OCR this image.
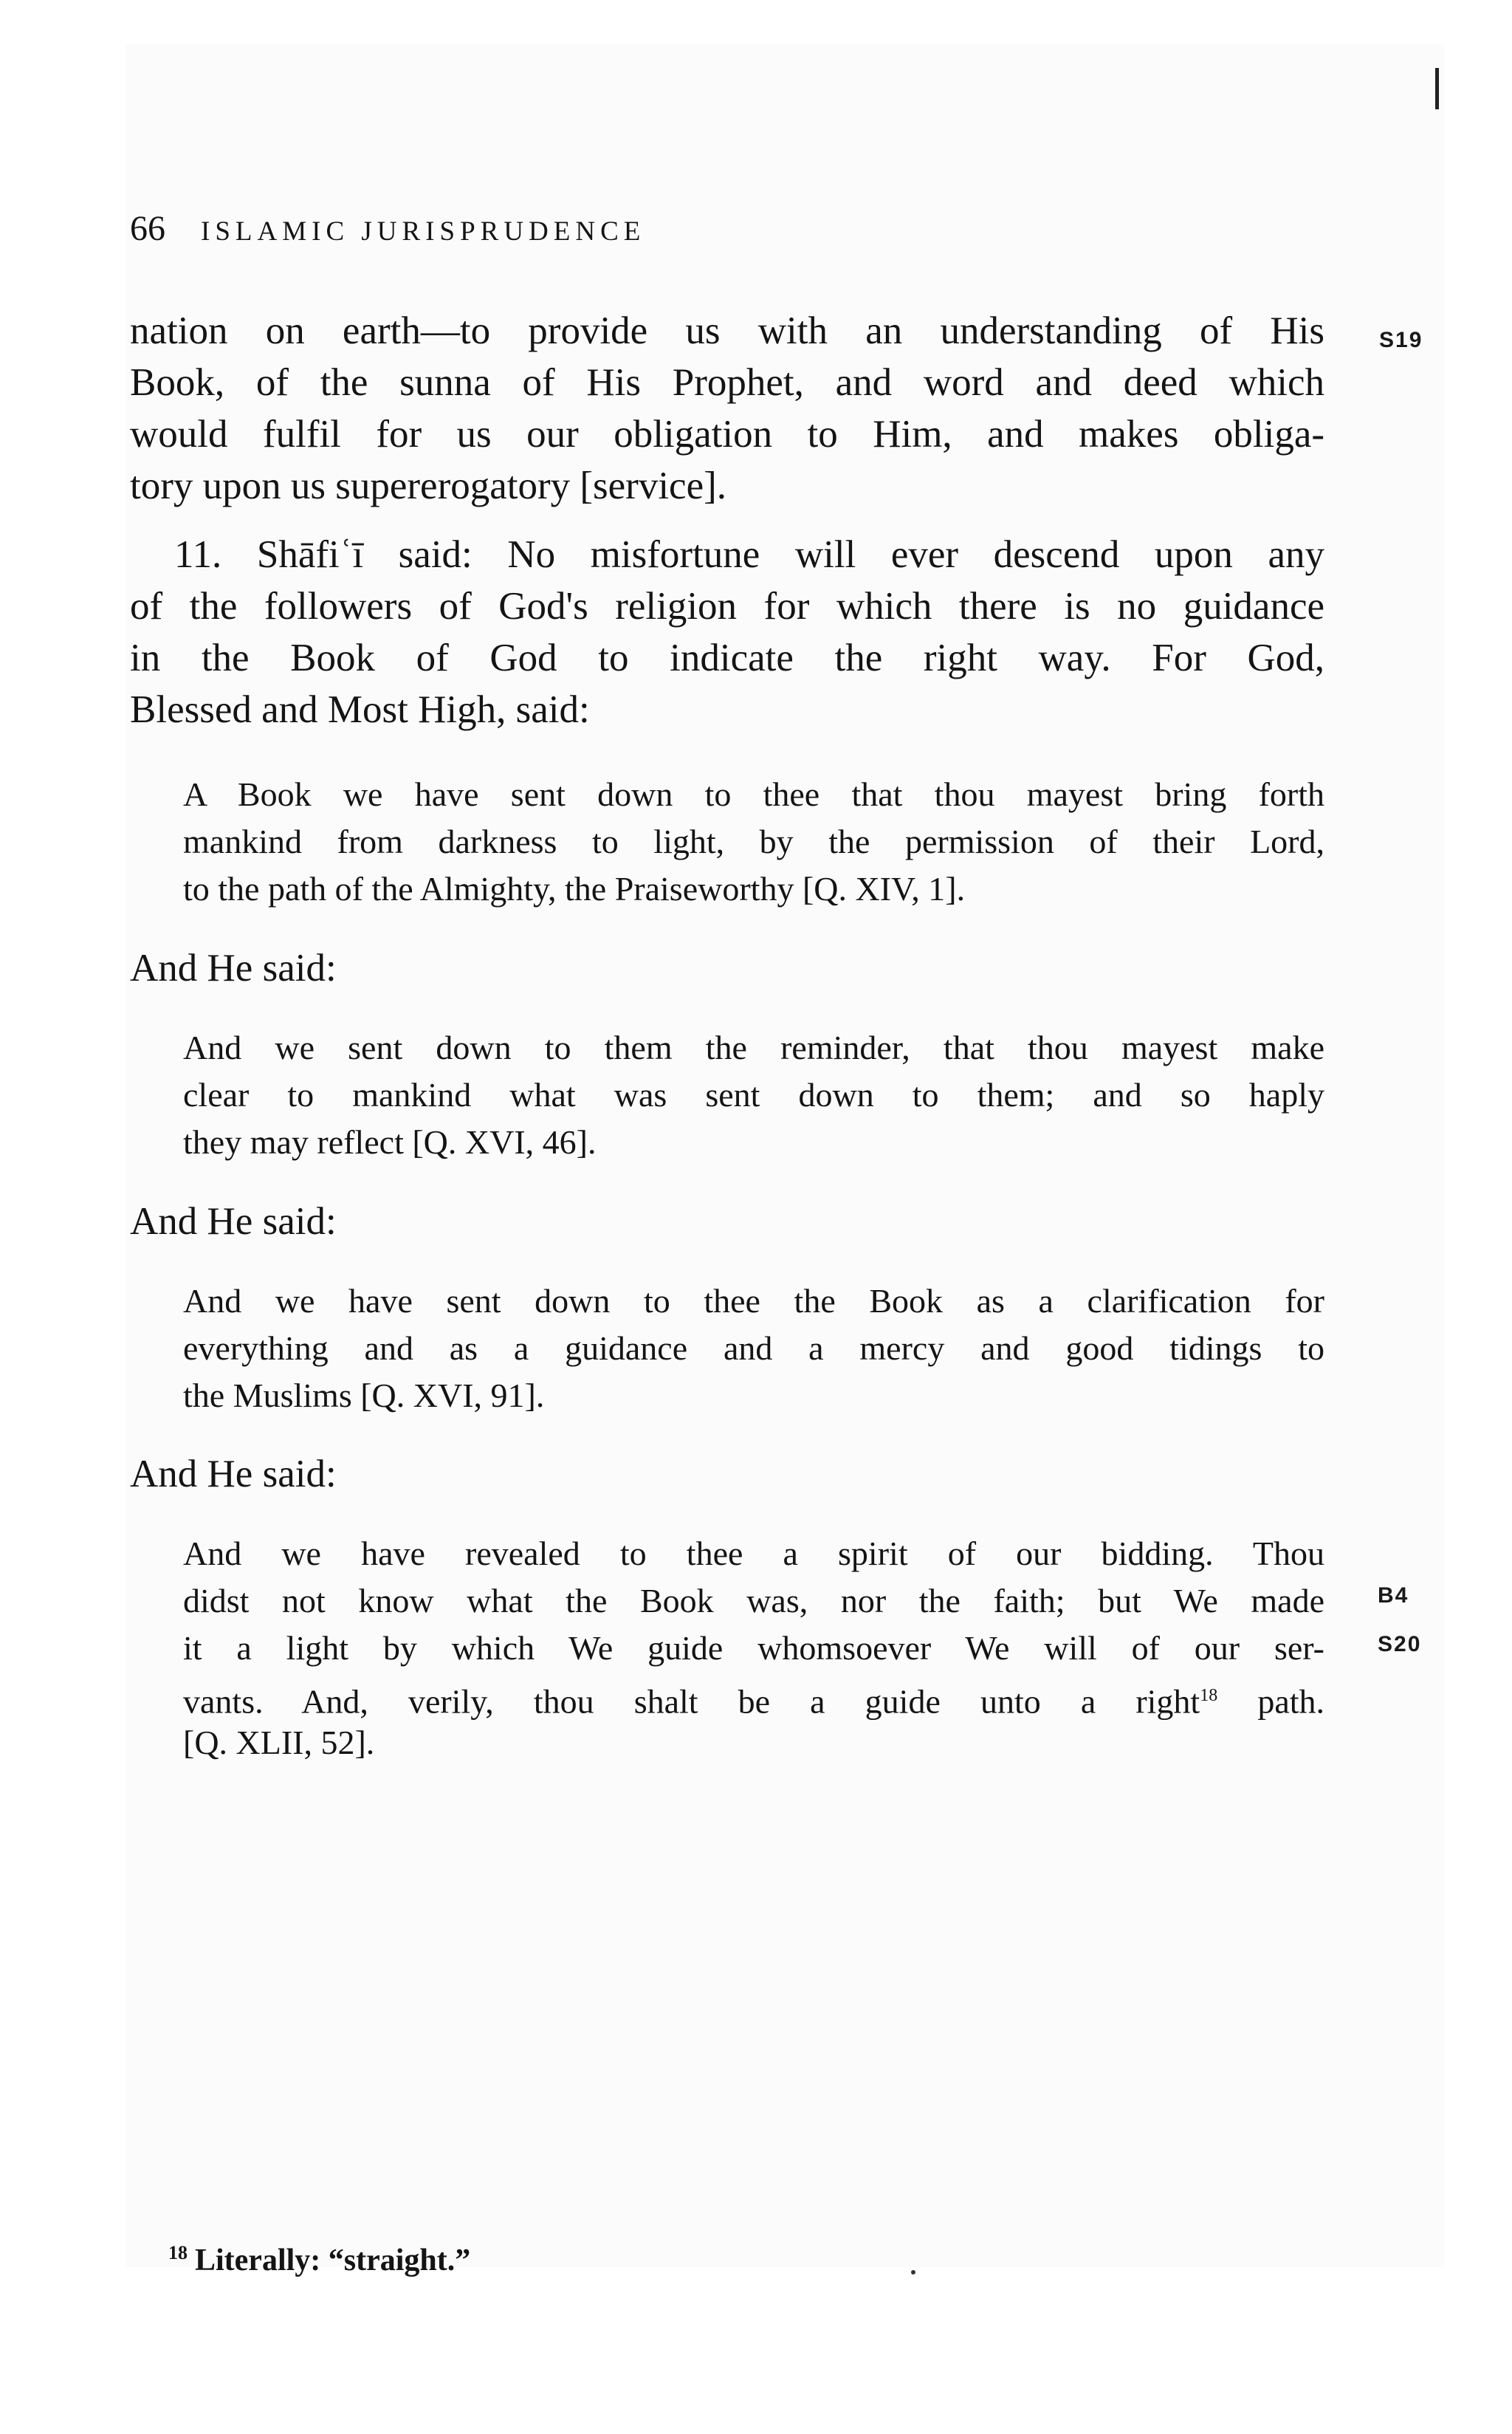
66 ISLAMIC JURISPRUDENCE
nation on earth—to provide us with an understanding of His
Book, of the sunna of His Prophet, and word and deed which
would fulfil for us our obligation to Him, and makes obliga-
tory upon us supererogatory [service].
11. Shāfiʿī said: No misfortune will ever descend upon any
of the followers of God's religion for which there is no guidance
in the Book of God to indicate the right way. For God,
Blessed and Most High, said:
A Book we have sent down to thee that thou mayest bring forth
mankind from darkness to light, by the permission of their Lord,
to the path of the Almighty, the Praiseworthy [Q. XIV, 1].
And He said:
And we sent down to them the reminder, that thou mayest make
clear to mankind what was sent down to them; and so haply
they may reflect [Q. XVI, 46].
And He said:
And we have sent down to thee the Book as a clarification for
everything and as a guidance and a mercy and good tidings to
the Muslims [Q. XVI, 91].
And He said:
And we have revealed to thee a spirit of our bidding. Thou
didst not know what the Book was, nor the faith; but We made
it a light by which We guide whomsoever We will of our ser-
vants. And, verily, thou shalt be a guide unto a right$^{18}$ path.
[Q. XLII, 52].
S19
B4
S20
$^{18}$ Literally: “straight.”
